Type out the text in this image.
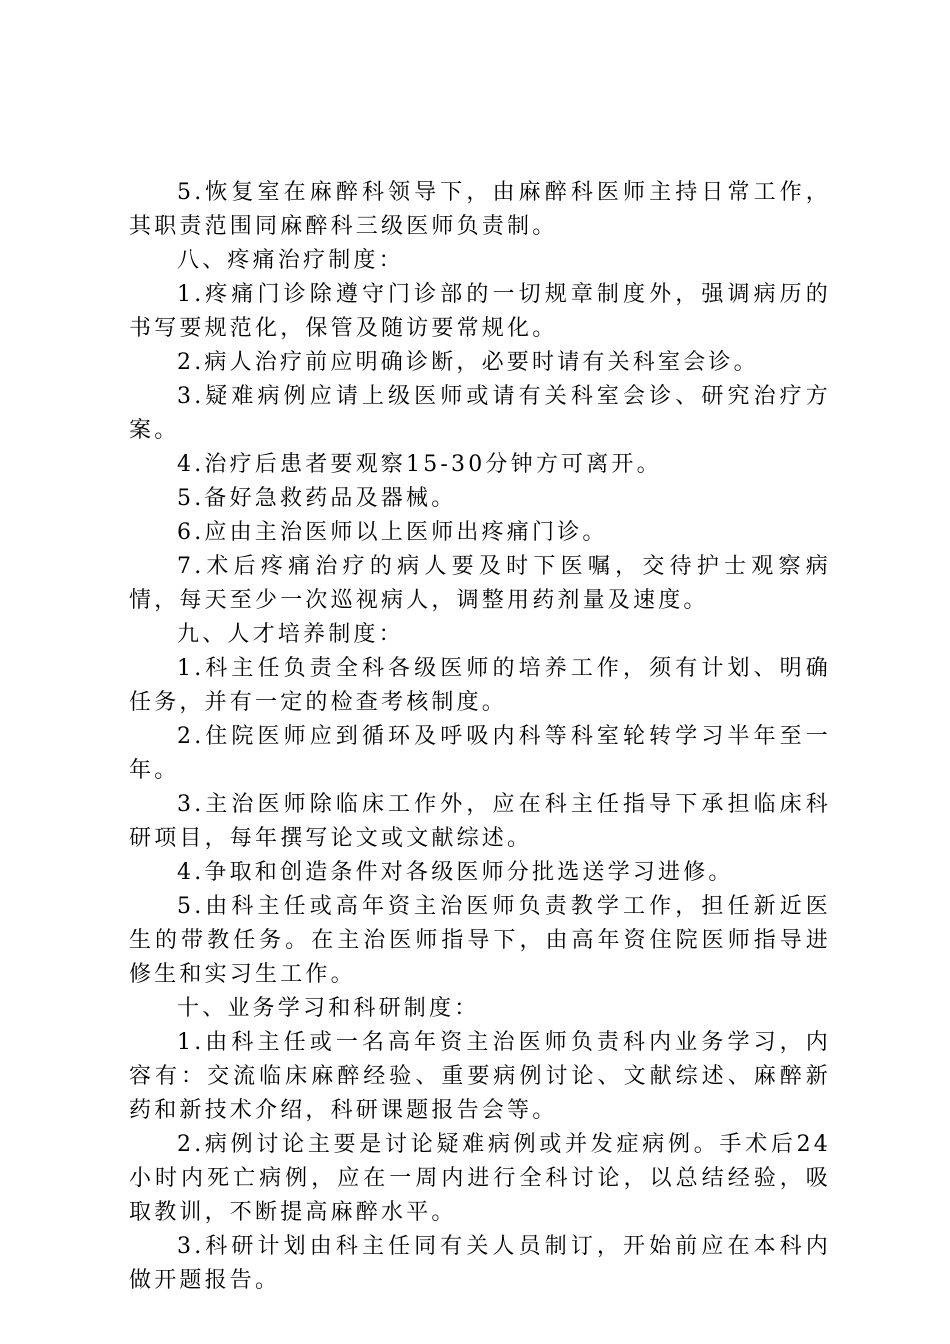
5.恢复室在麻醉科领导下，由麻醉科医师主持日常工作，其职责范围同麻醉科三级医师负责制。

八、疼痛治疗制度：

1.疼痛门诊除遵守门诊部的一切规章制度外，强调病历的书写要规范化，保管及随访要常规化。

2.病人治疗前应明确诊断，必要时请有关科室会诊。

3.疑难病例应请上级医师或请有关科室会诊、研究治疗方案。

4.治疗后患者要观察15-30分钟方可离开。

5.备好急救药品及器械。

6.应由主治医师以上医师出疼痛门诊。

7.术后疼痛治疗的病人要及时下医嘱，交待护士观察病情，每天至少一次巡视病人，调整用药剂量及速度。

九、人才培养制度：

1.科主任负责全科各级医师的培养工作，须有计划、明确任务，并有一定的检查考核制度。

2.住院医师应到循环及呼吸内科等科室轮转学习半年至一年。

3.主治医师除临床工作外，应在科主任指导下承担临床科研项目，每年撰写论文或文献综述。

4.争取和创造条件对各级医师分批选送学习进修。

5.由科主任或高年资主治医师负责教学工作，担任新近医生的带教任务。在主治医师指导下，由高年资住院医师指导进修生和实习生工作。

十、业务学习和科研制度：

1.由科主任或一名高年资主治医师负责科内业务学习，内容有：交流临床麻醉经验、重要病例讨论、文献综述、麻醉新药和新技术介绍，科研课题报告会等。

2.病例讨论主要是讨论疑难病例或并发症病例。手术后24小时内死亡病例，应在一周内进行全科讨论，以总结经验，吸取教训，不断提高麻醉水平。

3.科研计划由科主任同有关人员制订，开始前应在本科内做开题报告。
